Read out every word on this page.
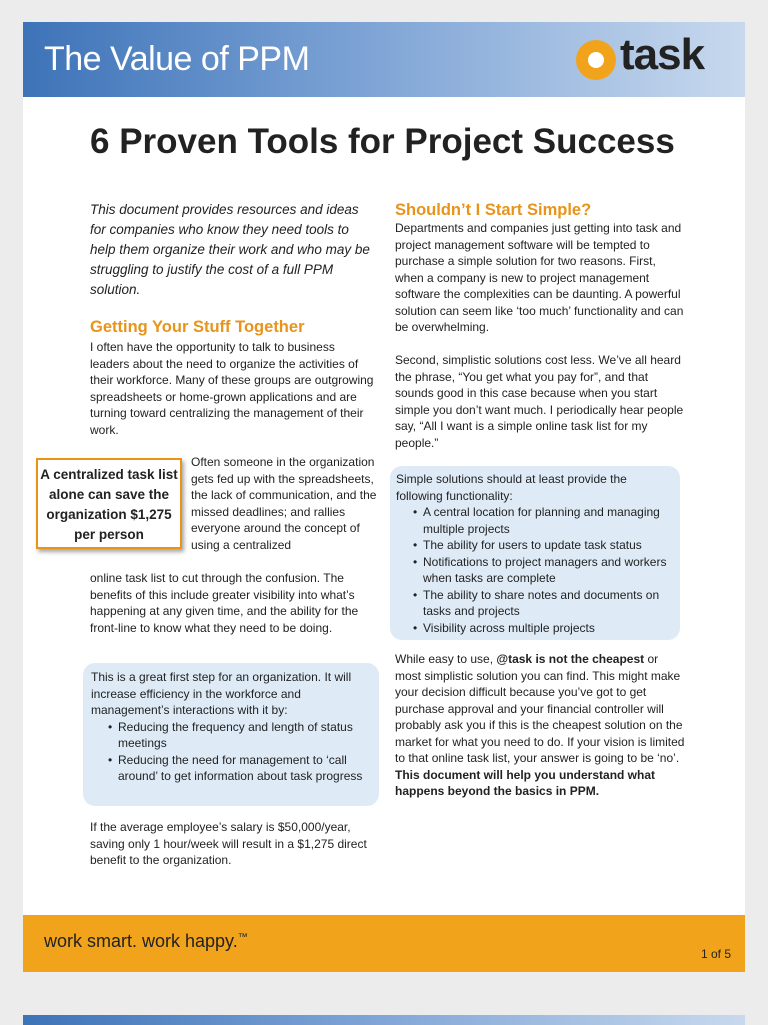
The Value of PPM	task
6 Proven Tools for Project Success
This document provides resources and ideas for companies who know they need tools to help them organize their work and who may be struggling to justify the cost of a full PPM solution.
Getting Your Stuff Together
I often have the opportunity to talk to business leaders about the need to organize the activities of their workforce. Many of these groups are outgrowing spreadsheets or home-grown applications and are turning toward centralizing the management of their work.
A centralized task list alone can save the organization $1,275 per person
Often someone in the organization gets fed up with the spreadsheets, the lack of communication, and the missed deadlines; and rallies everyone around the concept of using a centralized
online task list to cut through the confusion. The benefits of this include greater visibility into what’s happening at any given time, and the ability for the front-line to know what they need to be doing.
This is a great first step for an organization. It will increase efficiency in the workforce and management’s interactions with it by:
• Reducing the frequency and length of status meetings
• Reducing the need for management to ‘call around’ to get information about task progress
If the average employee’s salary is $50,000/year, saving only 1 hour/week will result in a $1,275 direct benefit to the organization.
Shouldn’t I Start Simple?
Departments and companies just getting into task and project management software will be tempted to purchase a simple solution for two reasons. First, when a company is new to project management software the complexities can be daunting. A powerful solution can seem like ‘too much’ functionality and can be overwhelming.
Second, simplistic solutions cost less. We’ve all heard the phrase, “You get what you pay for”, and that sounds good in this case because when you start simple you don’t want much. I periodically hear people say, “All I want is a simple online task list for my people.”
Simple solutions should at least provide the following functionality:
• A central location for planning and managing multiple projects
• The ability for users to update task status
• Notifications to project managers and workers when tasks are complete
• The ability to share notes and documents on tasks and projects
• Visibility across multiple projects
While easy to use, @task is not the cheapest or most simplistic solution you can find. This might make your decision difficult because you’ve got to get purchase approval and your financial controller will probably ask you if this is the cheapest solution on the market for what you need to do. If your vision is limited to that online task list, your answer is going to be ‘no’.
This document will help you understand what happens beyond the basics in PPM.
work smart. work happy.™
1 of 5
